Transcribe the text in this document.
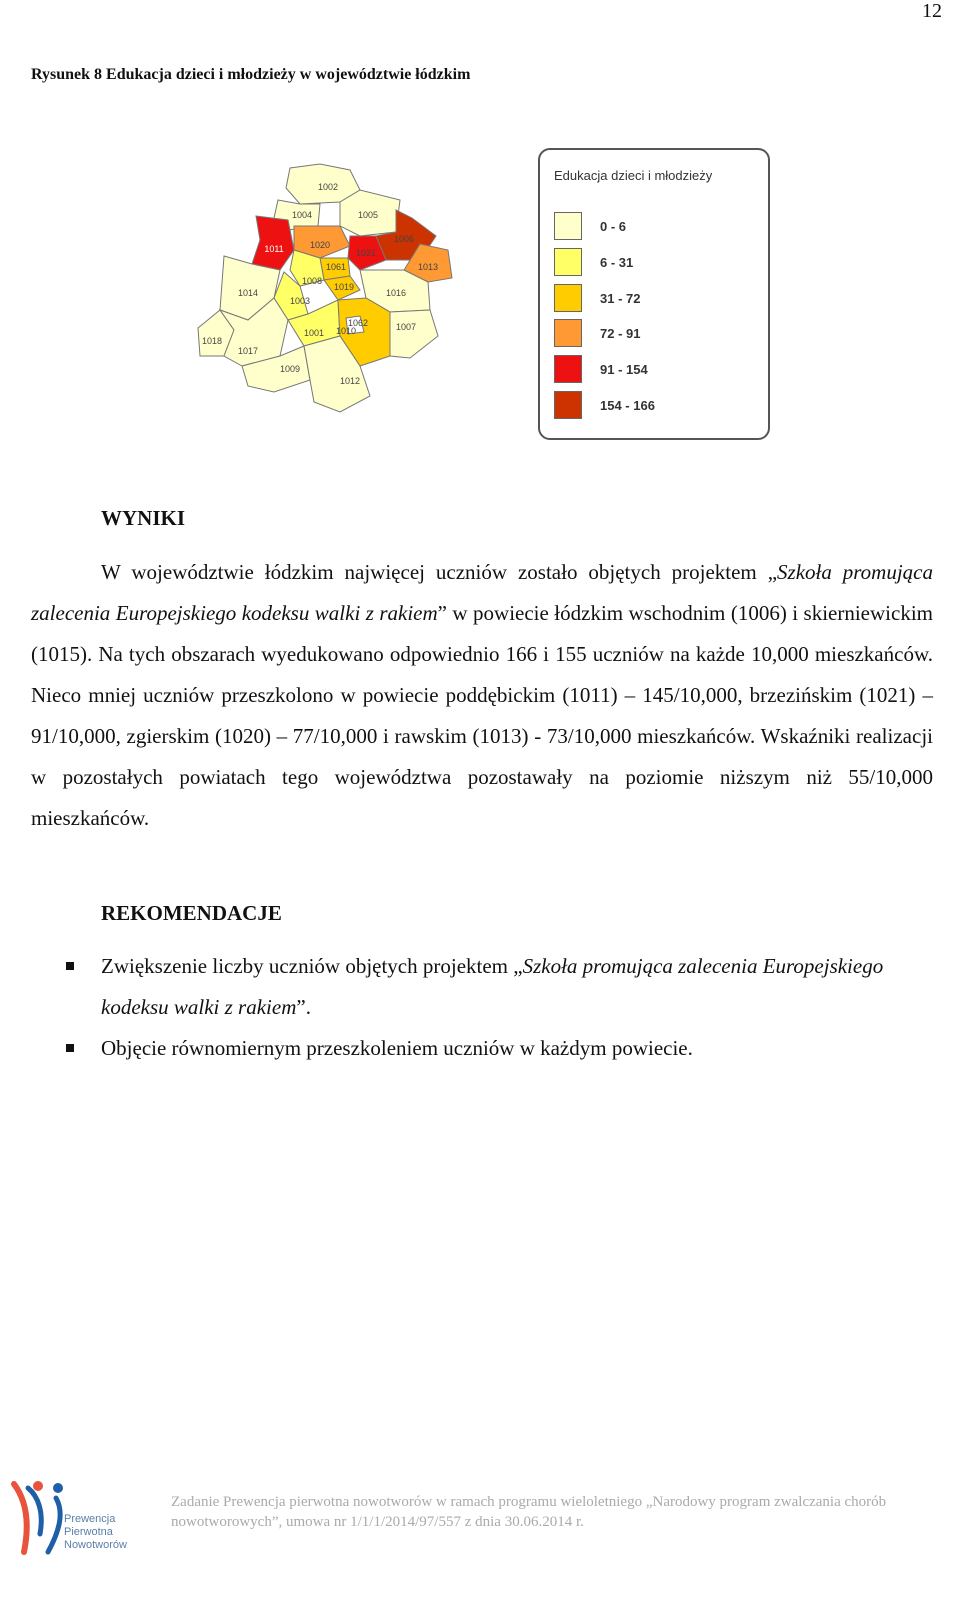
12
Rysunek 8 Edukacja dzieci i młodzieży w województwie łódzkim
1002
1004	1005
1011	1020
1021
1006
1013
1061
1008
1019
1003
1016
1014
1001 1010
1062	1007
1018
1017
1009
1012
Edukacja dzieci i młodzieży
0 - 6
6 - 31
31 - 72
72 - 91
91 - 154
154 - 166
WYNIKI
W województwie łódzkim najwięcej uczniów zostało objętych projektem „Szkoła promująca zalecenia Europejskiego kodeksu walki z rakiem” w powiecie łódzkim wschodnim (1006) i skierniewickim (1015). Na tych obszarach wyedukowano odpowiednio 166 i 155 uczniów na każde 10,000 mieszkańców. Nieco mniej uczniów przeszkolono w powiecie poddębickim (1011) – 145/10,000, brzezińskim (1021) – 91/10,000, zgierskim (1020) – 77/10,000 i rawskim (1013) - 73/10,000 mieszkańców. Wskaźniki realizacji w pozostałych powiatach tego województwa pozostawały na poziomie niższym niż 55/10,000 mieszkańców.
REKOMENDACJE
Zwiększenie liczby uczniów objętych projektem „Szkoła promująca zalecenia Europejskiego kodeksu walki z rakiem”.
Objęcie równomiernym przeszkoleniem uczniów w każdym powiecie.
Prewencja
Pierwotna
Nowotworów
Zadanie Prewencja pierwotna nowotworów w ramach programu wieloletniego „Narodowy program zwalczania chorób nowotworowych”, umowa nr 1/1/1/2014/97/557 z dnia 30.06.2014 r.
